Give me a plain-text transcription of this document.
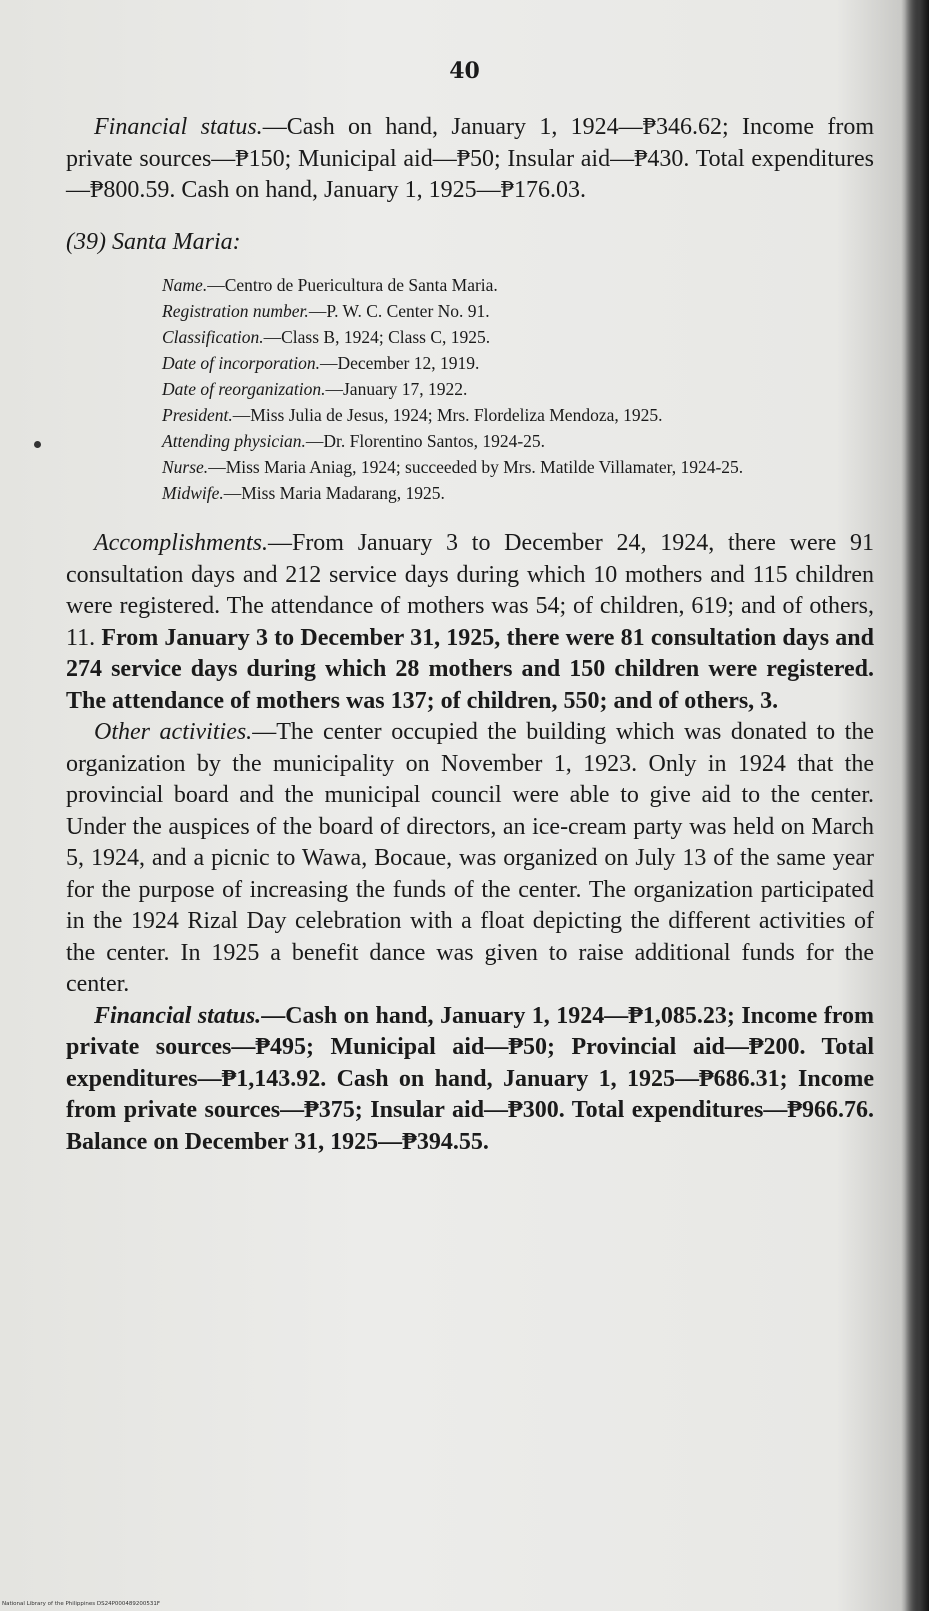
40

Financial status.—Cash on hand, January 1, 1924—₱346.62; Income from private sources—₱150; Municipal aid—₱50; Insular aid—₱430. Total expenditures—₱800.59. Cash on hand, January 1, 1925—₱176.03.

(39) Santa Maria:

Name.—Centro de Puericultura de Santa Maria.
Registration number.—P. W. C. Center No. 91.
Classification.—Class B, 1924; Class C, 1925.
Date of incorporation.—December 12, 1919.
Date of reorganization.—January 17, 1922.
President.—Miss Julia de Jesus, 1924; Mrs. Flordeliza Mendoza, 1925.
Attending physician.—Dr. Florentino Santos, 1924-25.
Nurse.—Miss Maria Aniag, 1924; succeeded by Mrs. Matilde Villamater, 1924-25.
Midwife.—Miss Maria Madarang, 1925.

Accomplishments.—From January 3 to December 24, 1924, there were 91 consultation days and 212 service days during which 10 mothers and 115 children were registered. The attendance of mothers was 54; of children, 619; and of others, 11. From January 3 to December 31, 1925, there were 81 consultation days and 274 service days during which 28 mothers and 150 children were registered. The attendance of mothers was 137; of children, 550; and of others, 3.

Other activities.—The center occupied the building which was donated to the organization by the municipality on November 1, 1923. Only in 1924 that the provincial board and the municipal council were able to give aid to the center. Under the auspices of the board of directors, an ice-cream party was held on March 5, 1924, and a picnic to Wawa, Bocaue, was organized on July 13 of the same year for the purpose of increasing the funds of the center. The organization participated in the 1924 Rizal Day celebration with a float depicting the different activities of the center. In 1925 a benefit dance was given to raise additional funds for the center.

Financial status.—Cash on hand, January 1, 1924—₱1,085.23; Income from private sources—₱495; Municipal aid—₱50; Provincial aid—₱200. Total expenditures—₱1,143.92. Cash on hand, January 1, 1925—₱686.31; Income from private sources—₱375; Insular aid—₱300. Total expenditures—₱966.76. Balance on December 31, 1925—₱394.55.

National Library of the Philippines DS24P000489200531F
